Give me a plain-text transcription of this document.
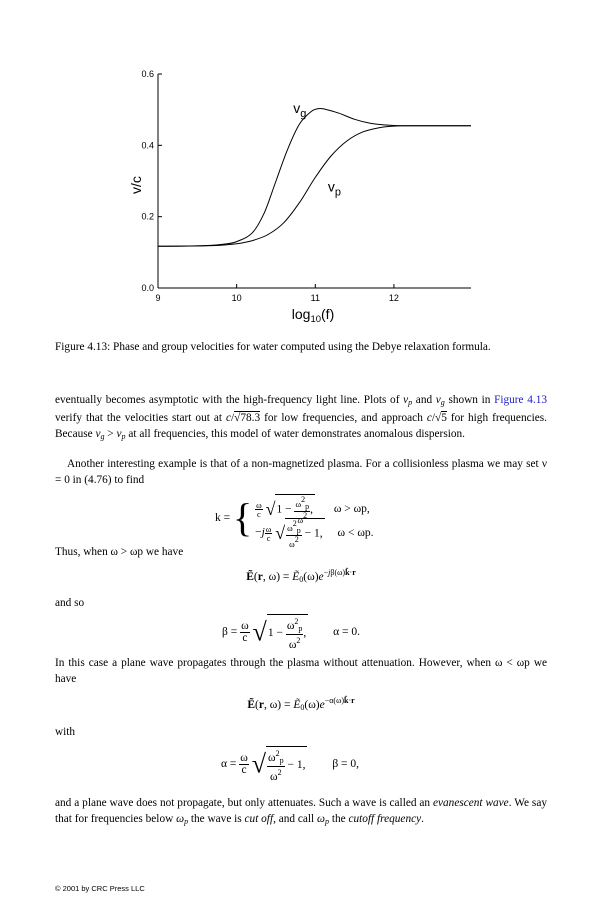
0.0
0.2
0.4
0.6
9	10	11	12
$\log_{10}(f)$
v/c
$v_g$
$v_p$

Figure 4.13: Phase and group velocities for water computed using the Debye relaxation formula.

eventually becomes asymptotic with the high-frequency light line. Plots of $v_p$ and $v_g$ shown in Figure 4.13 verify that the velocities start out at c/√78.3 for low frequencies, and approach c/√5 for high frequencies. Because $v_g > v_p$ at all frequencies, this model of water demonstrates anomalous dispersion.

Another interesting example is that of a non-magnetized plasma. For a collisionless plasma we may set ν = 0 in (4.76) to find

k = { $\frac{\omega}{c} √1 - \frac{\omega^2_p}{\omega^2}$ , ω > ωp,
$-j \frac{\omega}{c}$ √ $\frac{\omega^2_p}{\omega^2} - 1$, ω < ωp.

Thus, when ω > ωp we have

Ẽ(r, $\omega) = Ẽ_0(\omega)e^{-j\beta(\omega)k̂\cdot r}$

and so

$\beta = \frac{\omega}{c} √1 - \frac{\omega^2_p}{\omega^2}$ , α = 0.

In this case a plane wave propagates through the plasma without attenuation. However, when ω < ωp we have

Ẽ(r, $\omega) = Ẽ_0(\omega)e^{-\alpha(\omega)k̂\cdot r}$

with

$\alpha = \frac{\omega}{c}$ √ $\frac{\omega^2_p}{\omega^2} - 1$, β = 0,

and a plane wave does not propagate, but only attenuates. Such a wave is called an evanescent wave. We say that for frequencies below $\omega_p$ the wave is cut off, and call $\omega_p$ the cutoff frequency.

© 2001 by CRC Press LLC
